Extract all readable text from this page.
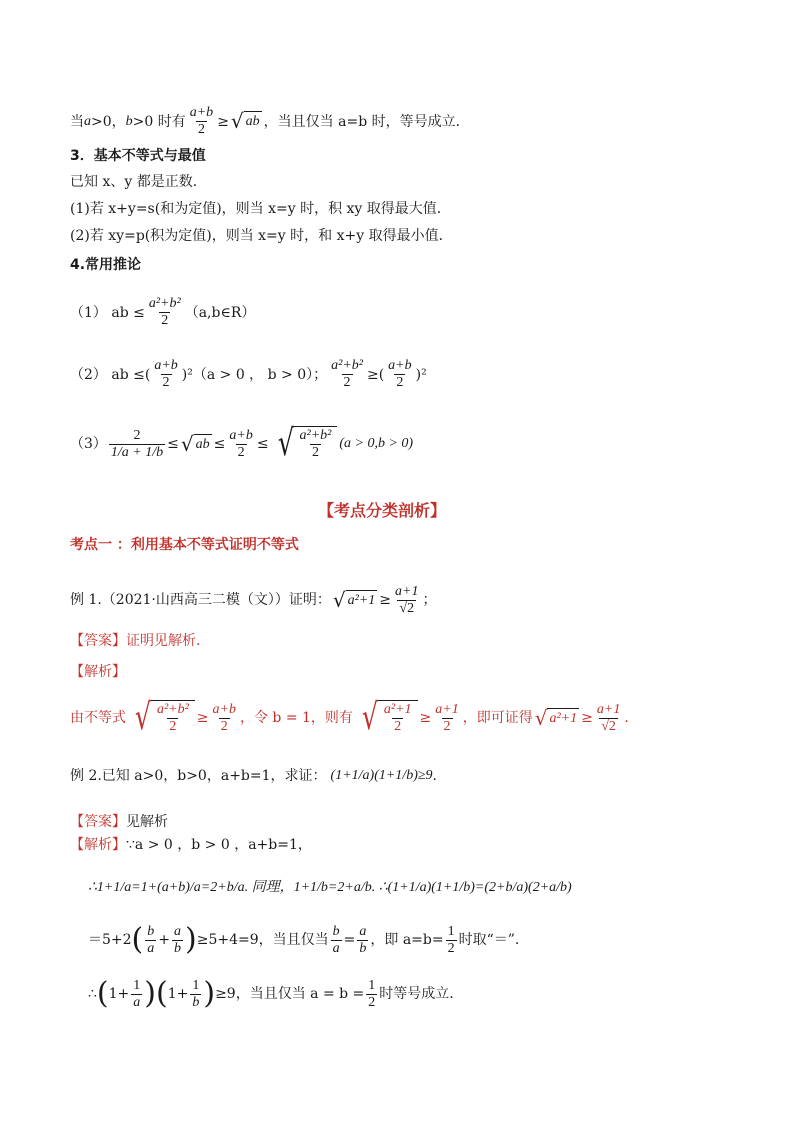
当 a >0， b >0 时有 $\frac{a+b}{2}$ ≥ √ ab ，当且仅当 a=b 时，等号成立．
3．基本不等式与最值
已知 x、y 都是正数．
(1)若 x+y=s(和为定值)，则当 x=y 时，积 xy 取得最大值．
(2)若 xy=p(积为定值)，则当 x=y 时，和 x+y 取得最小值．
4.常用推论
（1） ab ≤ $\frac{\text{a²+b²}}{2}$ （a,b∈R）
（2） ab ≤( $\frac{a+b}{2} )^2(a > 0$ ， b > 0）； $\frac{\text{a²+b²}}{2}$ ≥( $\frac{a+b}{2} )^2$
$(3) \frac{2}{1/a + 1/b}$ ≤ √ ab ≤ $\frac{a+b}{2}$ ≤ √ $\frac{\text{a²+b²}}{2} (a > 0,b > 0)$
【考点分类剖析】
考点一 ：利用基本不等式证明不等式
例 1.（2021·山西高三二模（文））证明： √ $a^2+1 \ge \frac{a+1}{√2}$ ；
【答案】 证明见解析.
【解析】
由不等式 √ $\frac{\text{a²+b²}}{2} \ge \frac{a+b}{2}$ ，令 b = 1，则有 √ $\frac{\text{a²+1}}{2} \ge \frac{a+1}{2}$ ，即可证得 √ $a^2+1 \ge \frac{a+1}{√2}$ .
例 2.已知 a>0，b>0，a+b=1，求证： (1+1/a)(1+1/b)≥9 .
【答案】 见解析
【解析】 ∵a > 0 ，b > 0 ，a+b=1，
∴1+1/a=1+(a+b)/a=2+b/a. 同理，1+1/b=2+a/b. ∴(1+1/a)(1+1/b)=(2+b/a)(2+a/b)
＝5+2 ( $\frac{b}{a} + \frac{a}{b}$ ) ≥5+4=9，当且仅当 $\frac{b}{a} = \frac{a}{b}$ ，即 $a=b= \frac{1}{2}$ 时取“＝”.
∴ ( $1+ \frac{1}{a}$ ) ( $1+ \frac{1}{b}$ ) ≥9，当且仅当 $a = b = \frac{1}{2}$ 时等号成立.
